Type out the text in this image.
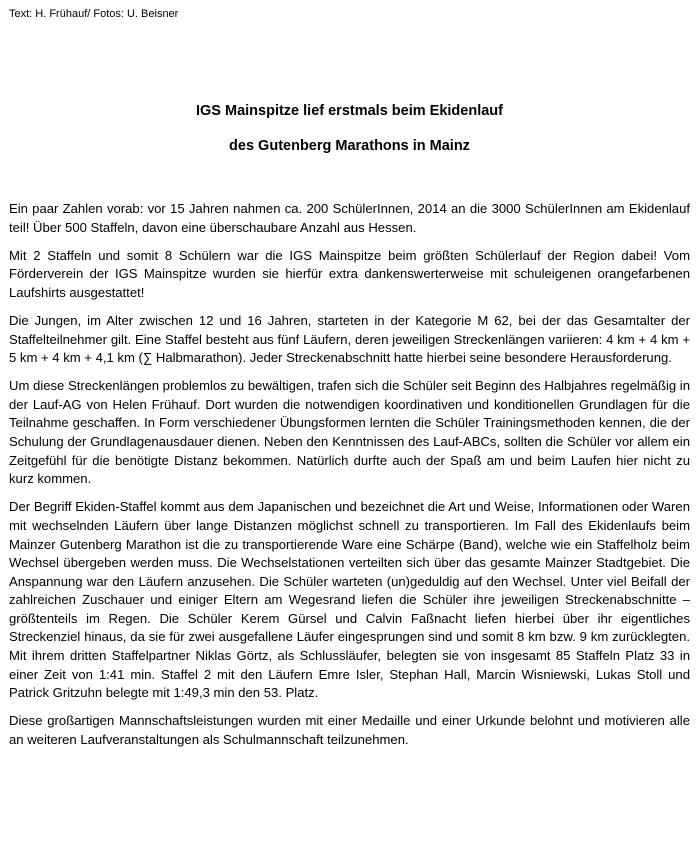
Text: H. Frühauf/ Fotos: U. Beisner
IGS Mainspitze lief erstmals beim Ekidenlauf
des Gutenberg Marathons in Mainz

Ein paar Zahlen vorab: vor 15 Jahren nahmen ca. 200 SchülerInnen, 2014 an die 3000 SchülerInnen am Ekidenlauf teil! Über 500 Staffeln, davon eine überschaubare Anzahl aus Hessen.

Mit 2 Staffeln und somit 8 Schülern war die IGS Mainspitze beim größten Schülerlauf der Region dabei! Vom Förderverein der IGS Mainspitze wurden sie hierfür extra dankenswerterweise mit schuleigenen orangefarbenen Laufshirts ausgestattet!

Die Jungen, im Alter zwischen 12 und 16 Jahren, starteten in der Kategorie M 62, bei der das Gesamtalter der Staffelteilnehmer gilt. Eine Staffel besteht aus fünf Läufern, deren jeweiligen Streckenlängen variieren: 4 km + 4 km + 5 km + 4 km + 4,1 km (∑ Halbmarathon). Jeder Streckenabschnitt hatte hierbei seine besondere Herausforderung.

Um diese Streckenlängen problemlos zu bewältigen, trafen sich die Schüler seit Beginn des Halbjahres regelmäßig in der Lauf-AG von Helen Frühauf. Dort wurden die notwendigen koordinativen und konditionellen Grundlagen für die Teilnahme geschaffen. In Form verschiedener Übungsformen lernten die Schüler Trainingsmethoden kennen, die der Schulung der Grundlagenausdauer dienen. Neben den Kenntnissen des Lauf-ABCs, sollten die Schüler vor allem ein Zeitgefühl für die benötigte Distanz bekommen. Natürlich durfte auch der Spaß am und beim Laufen hier nicht zu kurz kommen.

Der Begriff Ekiden-Staffel kommt aus dem Japanischen und bezeichnet die Art und Weise, Informationen oder Waren mit wechselnden Läufern über lange Distanzen möglichst schnell zu transportieren. Im Fall des Ekidenlaufs beim Mainzer Gutenberg Marathon ist die zu transportierende Ware eine Schärpe (Band), welche wie ein Staffelholz beim Wechsel übergeben werden muss. Die Wechselstationen verteilten sich über das gesamte Mainzer Stadtgebiet. Die Anspannung war den Läufern anzusehen. Die Schüler warteten (un)geduldig auf den Wechsel. Unter viel Beifall der zahlreichen Zuschauer und einiger Eltern am Wegesrand liefen die Schüler ihre jeweiligen Streckenabschnitte – größtenteils im Regen. Die Schüler Kerem Gürsel und Calvin Faßnacht liefen hierbei über ihr eigentliches Streckenziel hinaus, da sie für zwei ausgefallene Läufer eingesprungen sind und somit 8 km bzw. 9 km zurücklegten. Mit ihrem dritten Staffelpartner Niklas Görtz, als Schlussläufer, belegten sie von insgesamt 85 Staffeln Platz 33 in einer Zeit von 1:41 min. Staffel 2 mit den Läufern Emre Isler, Stephan Hall, Marcin Wisniewski, Lukas Stoll und Patrick Gritzuhn belegte mit 1:49,3 min den 53. Platz.

Diese großartigen Mannschaftsleistungen wurden mit einer Medaille und einer Urkunde belohnt und motivieren alle an weiteren Laufveranstaltungen als Schulmannschaft teilzunehmen.
